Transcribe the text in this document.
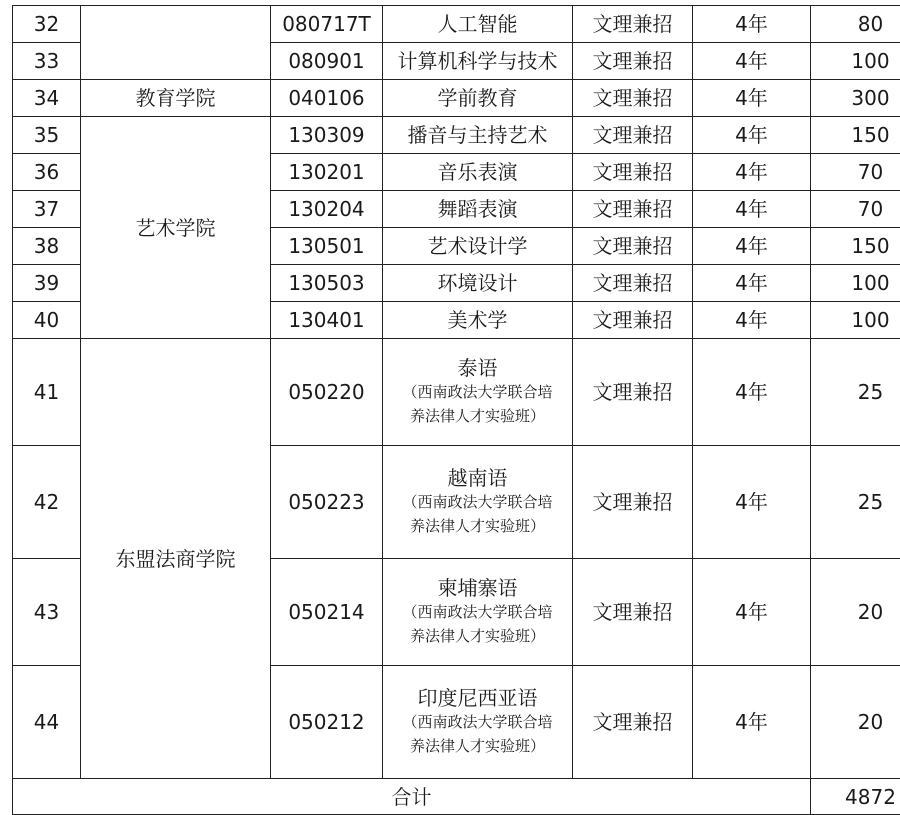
32		080717T	人工智能	文理兼招	4年	80
33		080901	计算机科学与技术	文理兼招	4年	100
34	教育学院	040106	学前教育	文理兼招	4年	300
35	艺术学院	130309	播音与主持艺术	文理兼招	4年	150
36		130201	音乐表演	文理兼招	4年	70
37		130204	舞蹈表演	文理兼招	4年	70
38		130501	艺术设计学	文理兼招	4年	150
39		130503	环境设计	文理兼招	4年	100
40		130401	美术学	文理兼招	4年	100
41	东盟法商学院	050220	泰语
（西南政法大学联合培
养法律人才实验班）	文理兼招	4年	25
42		050223	越南语
（西南政法大学联合培
养法律人才实验班）	文理兼招	4年	25
43		050214	柬埔寨语
（西南政法大学联合培
养法律人才实验班）	文理兼招	4年	20
44		050212	印度尼西亚语
（西南政法大学联合培
养法律人才实验班）	文理兼招	4年	20
合计						4872
